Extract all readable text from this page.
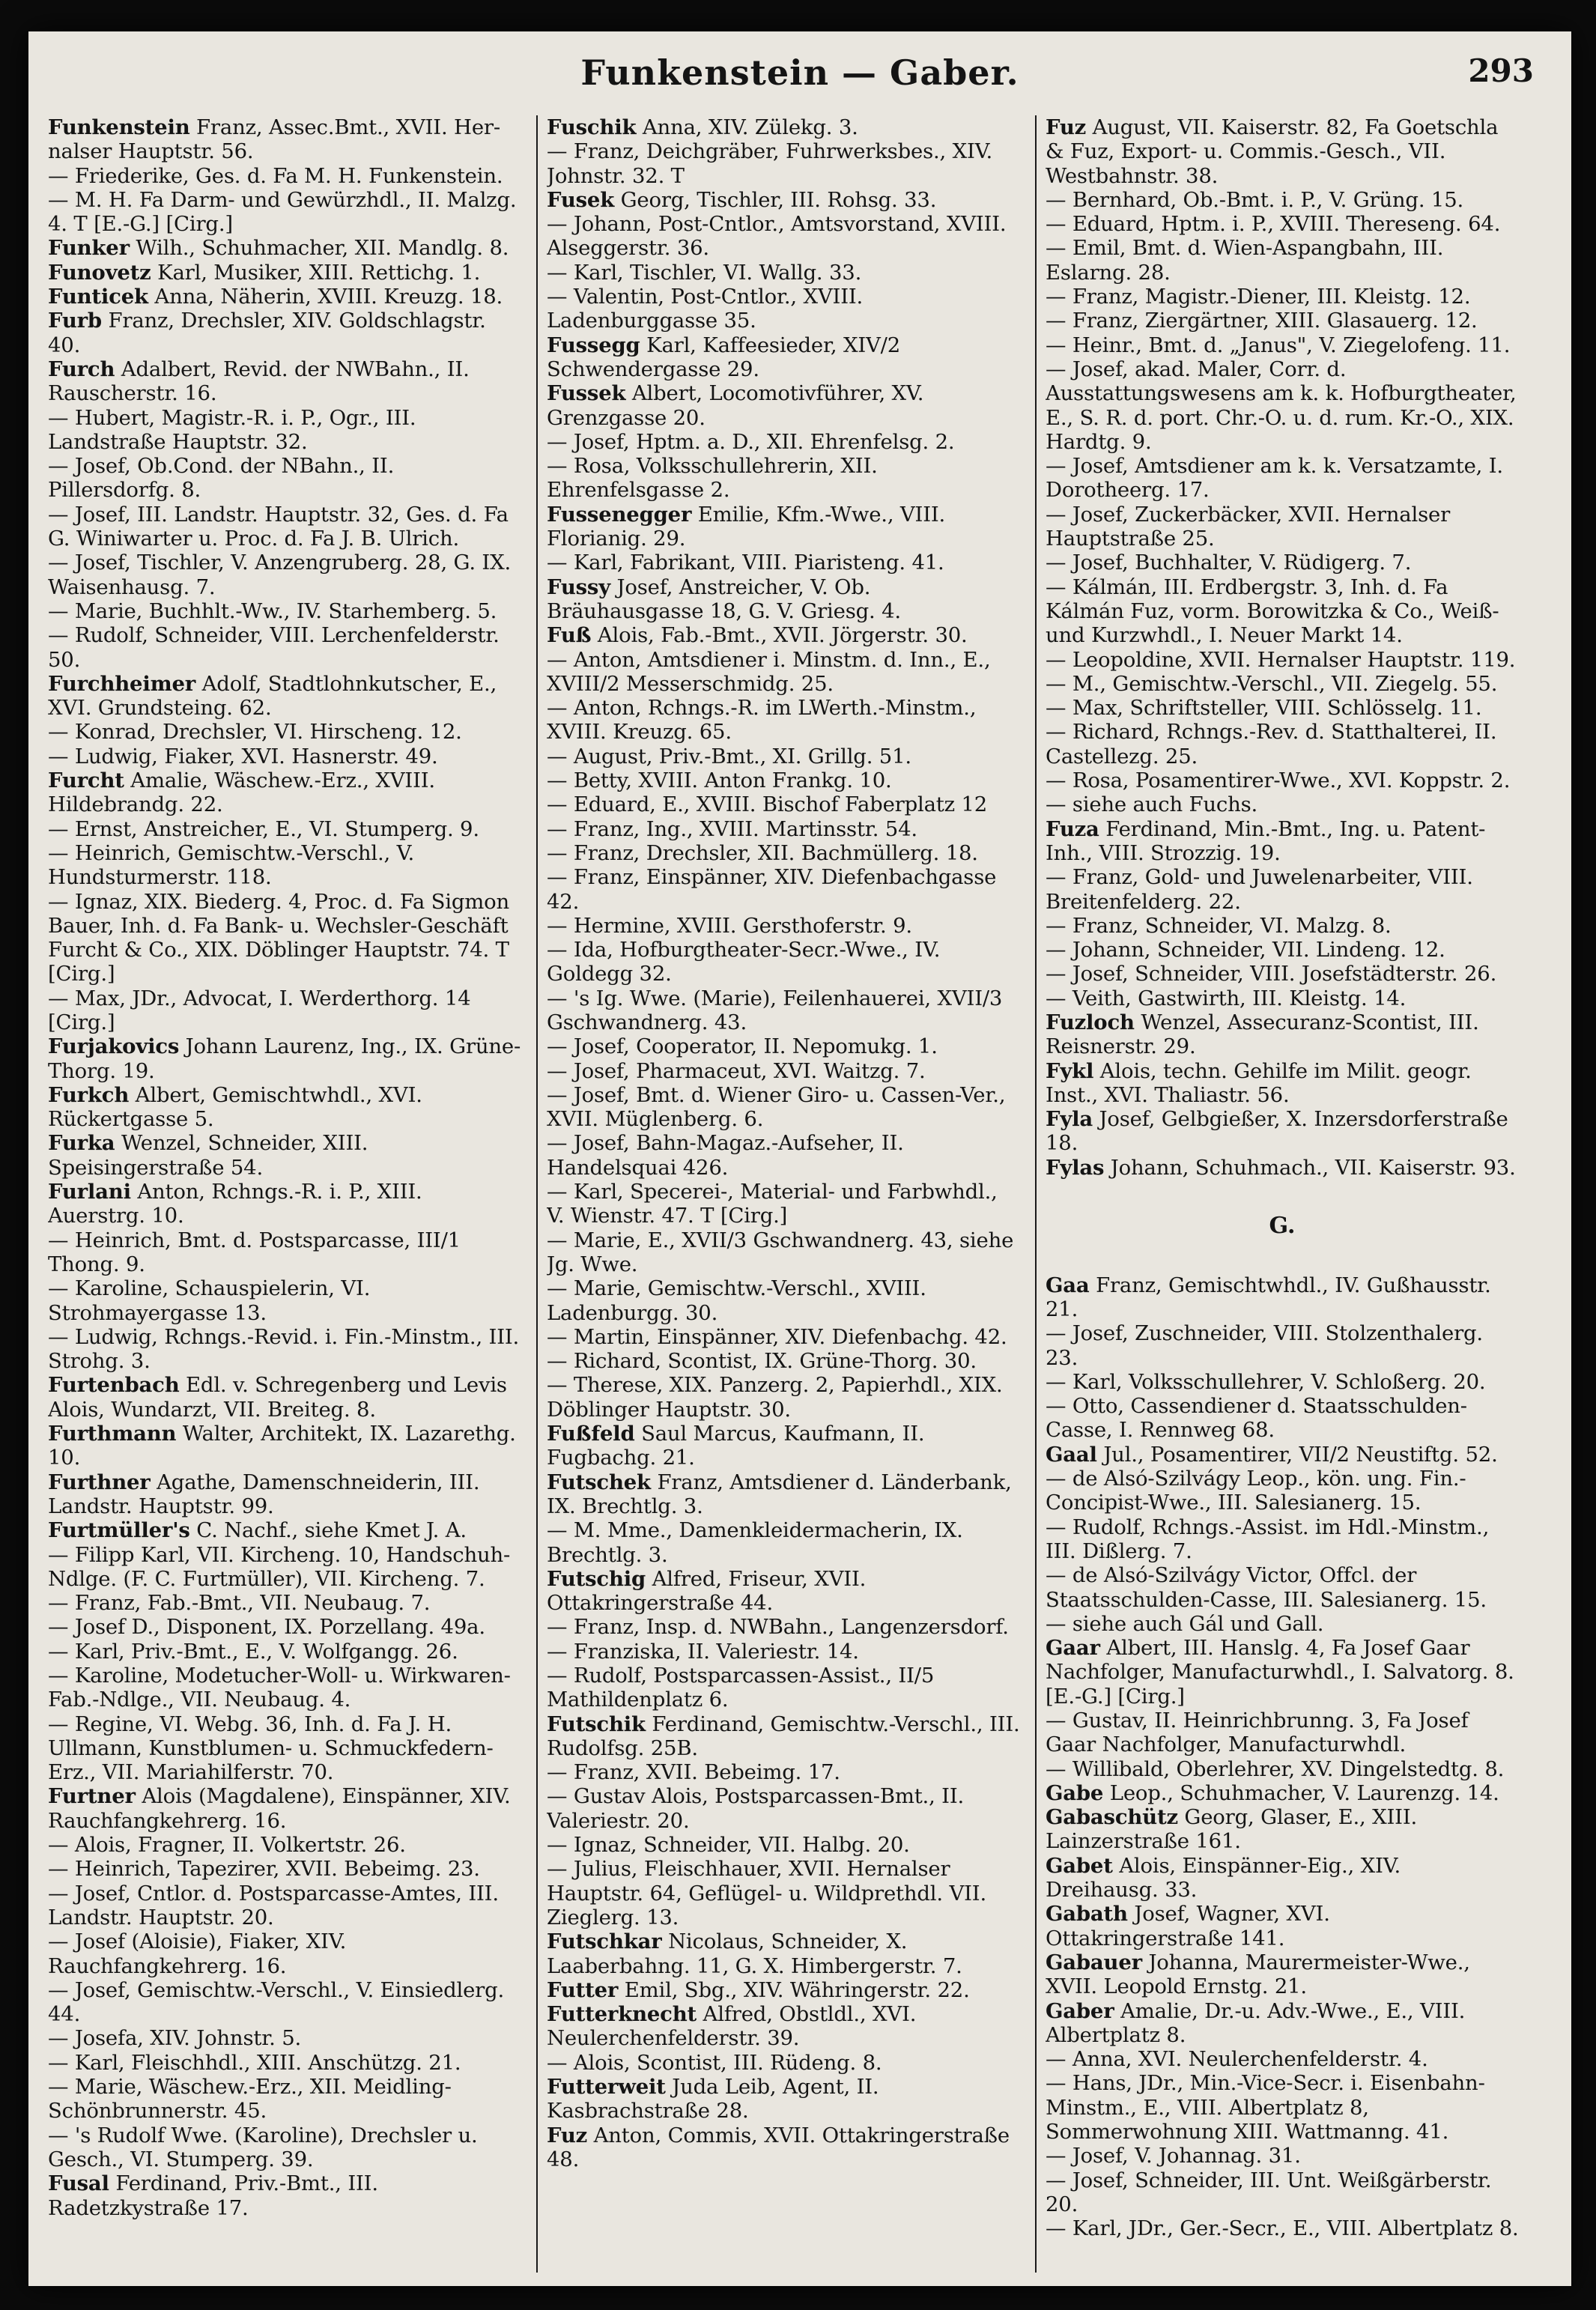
Funkenstein — Gaber.	293

Funkenstein Franz, Assec.Bmt., XVII. Her-nalser Hauptstr. 56.

— Friederike, Ges. d. Fa M. H. Funkenstein.

— M. H. Fa Darm- und Gewürzhdl., II. Malzg. 4. T [E.-G.] [Cirg.]

Funker Wilh., Schuhmacher, XII. Mandlg. 8.

Funovetz Karl, Musiker, XIII. Rettichg. 1.

Funticek Anna, Näherin, XVIII. Kreuzg. 18.

Furb Franz, Drechsler, XIV. Goldschlagstr. 40.

Furch Adalbert, Revid. der NWBahn., II. Rauscherstr. 16.

— Hubert, Magistr.-R. i. P., Ogr., III. Landstraße Hauptstr. 32.

— Josef, Ob.Cond. der NBahn., II. Pillersdorfg. 8.

— Josef, III. Landstr. Hauptstr. 32, Ges. d. Fa G. Winiwarter u. Proc. d. Fa J. B. Ulrich.

— Josef, Tischler, V. Anzengruberg. 28, G. IX. Waisenhausg. 7.

— Marie, Buchhlt.-Ww., IV. Starhemberg. 5.

— Rudolf, Schneider, VIII. Lerchenfelderstr. 50.

Furchheimer Adolf, Stadtlohnkutscher, E., XVI. Grundsteing. 62.

— Konrad, Drechsler, VI. Hirscheng. 12.

— Ludwig, Fiaker, XVI. Hasnerstr. 49.

Furcht Amalie, Wäschew.-Erz., XVIII. Hildebrandg. 22.

— Ernst, Anstreicher, E., VI. Stumperg. 9.

— Heinrich, Gemischtw.-Verschl., V. Hundsturmerstr. 118.

— Ignaz, XIX. Biederg. 4, Proc. d. Fa Sigmon Bauer, Inh. d. Fa Bank- u. Wechsler-Geschäft Furcht & Co., XIX. Döblinger Hauptstr. 74. T [Cirg.]

— Max, JDr., Advocat, I. Werderthorg. 14 [Cirg.]

Furjakovics Johann Laurenz, Ing., IX. Grüne-Thorg. 19.

Furkch Albert, Gemischtwhdl., XVI. Rückertgasse 5.

Furka Wenzel, Schneider, XIII. Speisingerstraße 54.

Furlani Anton, Rchngs.-R. i. P., XIII. Auerstrg. 10.

— Heinrich, Bmt. d. Postsparcasse, III/1 Thong. 9.

— Karoline, Schauspielerin, VI. Strohmayergasse 13.

— Ludwig, Rchngs.-Revid. i. Fin.-Minstm., III. Strohg. 3.

Furtenbach Edl. v. Schregenberg und Levis Alois, Wundarzt, VII. Breiteg. 8.

Furthmann Walter, Architekt, IX. Lazarethg. 10.

Furthner Agathe, Damenschneiderin, III. Landstr. Hauptstr. 99.

Furtmüller's C. Nachf., siehe Kmet J. A.

— Filipp Karl, VII. Kircheng. 10, Handschuh-Ndlge. (F. C. Furtmüller), VII. Kircheng. 7.

— Franz, Fab.-Bmt., VII. Neubaug. 7.

— Josef D., Disponent, IX. Porzellang. 49a.

— Karl, Priv.-Bmt., E., V. Wolfgangg. 26.

— Karoline, Modetucher-Woll- u. Wirkwaren-Fab.-Ndlge., VII. Neubaug. 4.

— Regine, VI. Webg. 36, Inh. d. Fa J. H. Ullmann, Kunstblumen- u. Schmuckfedern-Erz., VII. Mariahilferstr. 70.

Furtner Alois (Magdalene), Einspänner, XIV. Rauchfangkehrerg. 16.

— Alois, Fragner, II. Volkertstr. 26.

— Heinrich, Tapezirer, XVII. Bebeimg. 23.

— Josef, Cntlor. d. Postsparcasse-Amtes, III. Landstr. Hauptstr. 20.

— Josef (Aloisie), Fiaker, XIV. Rauchfangkehrerg. 16.

— Josef, Gemischtw.-Verschl., V. Einsiedlerg. 44.

— Josefa, XIV. Johnstr. 5.

— Karl, Fleischhdl., XIII. Anschützg. 21.

— Marie, Wäschew.-Erz., XII. Meidling-Schönbrunnerstr. 45.

— 's Rudolf Wwe. (Karoline), Drechsler u. Gesch., VI. Stumperg. 39.

Fusal Ferdinand, Priv.-Bmt., III. Radetzkystraße 17.

Fuschik Anna, XIV. Zülekg. 3.

— Franz, Deichgräber, Fuhrwerksbes., XIV. Johnstr. 32. T

Fusek Georg, Tischler, III. Rohsg. 33.

— Johann, Post-Cntlor., Amtsvorstand, XVIII. Alseggerstr. 36.

— Karl, Tischler, VI. Wallg. 33.

— Valentin, Post-Cntlor., XVIII. Ladenburggasse 35.

Fussegg Karl, Kaffeesieder, XIV/2 Schwendergasse 29.

Fussek Albert, Locomotivführer, XV. Grenzgasse 20.

— Josef, Hptm. a. D., XII. Ehrenfelsg. 2.

— Rosa, Volksschullehrerin, XII. Ehrenfelsgasse 2.

Fussenegger Emilie, Kfm.-Wwe., VIII. Florianig. 29.

— Karl, Fabrikant, VIII. Piaristeng. 41.

Fussy Josef, Anstreicher, V. Ob. Bräuhausgasse 18, G. V. Griesg. 4.

Fuß Alois, Fab.-Bmt., XVII. Jörgerstr. 30.

— Anton, Amtsdiener i. Minstm. d. Inn., E., XVIII/2 Messerschmidg. 25.

— Anton, Rchngs.-R. im LWerth.-Minstm., XVIII. Kreuzg. 65.

— August, Priv.-Bmt., XI. Grillg. 51.

— Betty, XVIII. Anton Frankg. 10.

— Eduard, E., XVIII. Bischof Faberplatz 12

— Franz, Ing., XVIII. Martinsstr. 54.

— Franz, Drechsler, XII. Bachmüllerg. 18.

— Franz, Einspänner, XIV. Diefenbachgasse 42.

— Hermine, XVIII. Gersthoferstr. 9.

— Ida, Hofburgtheater-Secr.-Wwe., IV. Goldegg 32.

— 's Ig. Wwe. (Marie), Feilenhauerei, XVII/3 Gschwandnerg. 43.

— Josef, Cooperator, II. Nepomukg. 1.

— Josef, Pharmaceut, XVI. Waitzg. 7.

— Josef, Bmt. d. Wiener Giro- u. Cassen-Ver., XVII. Müglenberg. 6.

— Josef, Bahn-Magaz.-Aufseher, II. Handelsquai 426.

— Karl, Specerei-, Material- und Farbwhdl., V. Wienstr. 47. T [Cirg.]

— Marie, E., XVII/3 Gschwandnerg. 43, siehe Jg. Wwe.

— Marie, Gemischtw.-Verschl., XVIII. Ladenburgg. 30.

— Martin, Einspänner, XIV. Diefenbachg. 42.

— Richard, Scontist, IX. Grüne-Thorg. 30.

— Therese, XIX. Panzerg. 2, Papierhdl., XIX. Döblinger Hauptstr. 30.

Fußfeld Saul Marcus, Kaufmann, II. Fugbachg. 21.

Futschek Franz, Amtsdiener d. Länderbank, IX. Brechtlg. 3.

— M. Mme., Damenkleidermacherin, IX. Brechtlg. 3.

Futschig Alfred, Friseur, XVII. Ottakringerstraße 44.

— Franz, Insp. d. NWBahn., Langenzersdorf.

— Franziska, II. Valeriestr. 14.

— Rudolf, Postsparcassen-Assist., II/5 Mathildenplatz 6.

Futschik Ferdinand, Gemischtw.-Verschl., III. Rudolfsg. 25B.

— Franz, XVII. Bebeimg. 17.

— Gustav Alois, Postsparcassen-Bmt., II. Valeriestr. 20.

— Ignaz, Schneider, VII. Halbg. 20.

— Julius, Fleischhauer, XVII. Hernalser Hauptstr. 64, Geflügel- u. Wildprethdl. VII. Zieglerg. 13.

Futschkar Nicolaus, Schneider, X. Laaberbahng. 11, G. X. Himbergerstr. 7.

Futter Emil, Sbg., XIV. Währingerstr. 22.

Futterknecht Alfred, Obstldl., XVI. Neulerchenfelderstr. 39.

— Alois, Scontist, III. Rüdeng. 8.

Futterweit Juda Leib, Agent, II. Kasbrachstraße 28.

Fuz Anton, Commis, XVII. Ottakringerstraße 48.

Fuz August, VII. Kaiserstr. 82, Fa Goetschla & Fuz, Export- u. Commis.-Gesch., VII. Westbahnstr. 38.

— Bernhard, Ob.-Bmt. i. P., V. Grüng. 15.

— Eduard, Hptm. i. P., XVIII. Thereseng. 64.

— Emil, Bmt. d. Wien-Aspangbahn, III. Eslarng. 28.

— Franz, Magistr.-Diener, III. Kleistg. 12.

— Franz, Ziergärtner, XIII. Glasauerg. 12.

— Heinr., Bmt. d. „Janus", V. Ziegelofeng. 11.

— Josef, akad. Maler, Corr. d. Ausstattungswesens am k. k. Hofburgtheater, E., S. R. d. port. Chr.-O. u. d. rum. Kr.-O., XIX. Hardtg. 9.

— Josef, Amtsdiener am k. k. Versatzamte, I. Dorotheerg. 17.

— Josef, Zuckerbäcker, XVII. Hernalser Hauptstraße 25.

— Josef, Buchhalter, V. Rüdigerg. 7.

— Kálmán, III. Erdbergstr. 3, Inh. d. Fa Kálmán Fuz, vorm. Borowitzka & Co., Weiß- und Kurzwhdl., I. Neuer Markt 14.

— Leopoldine, XVII. Hernalser Hauptstr. 119.

— M., Gemischtw.-Verschl., VII. Ziegelg. 55.

— Max, Schriftsteller, VIII. Schlösselg. 11.

— Richard, Rchngs.-Rev. d. Statthalterei, II. Castellezg. 25.

— Rosa, Posamentirer-Wwe., XVI. Koppstr. 2.

— siehe auch Fuchs.

Fuza Ferdinand, Min.-Bmt., Ing. u. Patent-Inh., VIII. Strozzig. 19.

— Franz, Gold- und Juwelenarbeiter, VIII. Breitenfelderg. 22.

— Franz, Schneider, VI. Malzg. 8.

— Johann, Schneider, VII. Lindeng. 12.

— Josef, Schneider, VIII. Josefstädterstr. 26.

— Veith, Gastwirth, III. Kleistg. 14.

Fuzloch Wenzel, Assecuranz-Scontist, III. Reisnerstr. 29.

Fykl Alois, techn. Gehilfe im Milit. geogr. Inst., XVI. Thaliastr. 56.

Fyla Josef, Gelbgießer, X. Inzersdorferstraße 18.

Fylas Johann, Schuhmach., VII. Kaiserstr. 93.

G.

Gaa Franz, Gemischtwhdl., IV. Gußhausstr. 21.

— Josef, Zuschneider, VIII. Stolzenthalerg. 23.

— Karl, Volksschullehrer, V. Schloßerg. 20.

— Otto, Cassendiener d. Staatsschulden-Casse, I. Rennweg 68.

Gaal Jul., Posamentirer, VII/2 Neustiftg. 52.

— de Alsó-Szilvágy Leop., kön. ung. Fin.-Concipist-Wwe., III. Salesianerg. 15.

— Rudolf, Rchngs.-Assist. im Hdl.-Minstm., III. Dißlerg. 7.

— de Alsó-Szilvágy Victor, Offcl. der Staatsschulden-Casse, III. Salesianerg. 15.

— siehe auch Gál und Gall.

Gaar Albert, III. Hanslg. 4, Fa Josef Gaar Nachfolger, Manufacturwhdl., I. Salvatorg. 8. [E.-G.] [Cirg.]

— Gustav, II. Heinrichbrunng. 3, Fa Josef Gaar Nachfolger, Manufacturwhdl.

— Willibald, Oberlehrer, XV. Dingelstedtg. 8.

Gabe Leop., Schuhmacher, V. Laurenzg. 14.

Gabaschütz Georg, Glaser, E., XIII. Lainzerstraße 161.

Gabet Alois, Einspänner-Eig., XIV. Dreihausg. 33.

Gabath Josef, Wagner, XVI. Ottakringerstraße 141.

Gabauer Johanna, Maurermeister-Wwe., XVII. Leopold Ernstg. 21.

Gaber Amalie, Dr.-u. Adv.-Wwe., E., VIII. Albertplatz 8.

— Anna, XVI. Neulerchenfelderstr. 4.

— Hans, JDr., Min.-Vice-Secr. i. Eisenbahn-Minstm., E., VIII. Albertplatz 8, Sommerwohnung XIII. Wattmanng. 41.

— Josef, V. Johannag. 31.

— Josef, Schneider, III. Unt. Weißgärberstr. 20.

— Karl, JDr., Ger.-Secr., E., VIII. Albertplatz 8.
